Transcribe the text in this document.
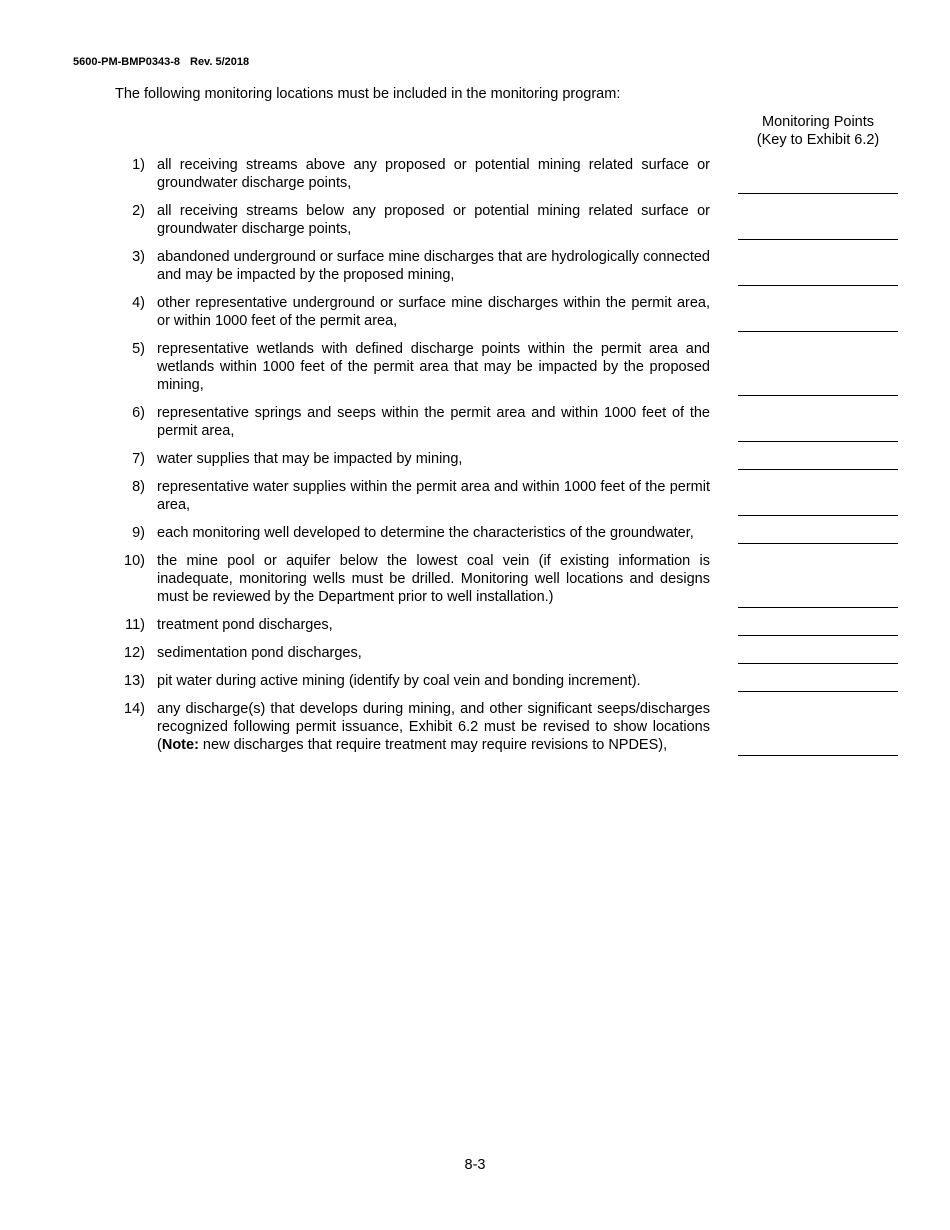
5600-PM-BMP0343-8 Rev. 5/2018
The following monitoring locations must be included in the monitoring program:
Monitoring Points
(Key to Exhibit 6.2)
1) all receiving streams above any proposed or potential mining related surface or groundwater discharge points,
2) all receiving streams below any proposed or potential mining related surface or groundwater discharge points,
3) abandoned underground or surface mine discharges that are hydrologically connected and may be impacted by the proposed mining,
4) other representative underground or surface mine discharges within the permit area, or within 1000 feet of the permit area,
5) representative wetlands with defined discharge points within the permit area and wetlands within 1000 feet of the permit area that may be impacted by the proposed mining,
6) representative springs and seeps within the permit area and within 1000 feet of the permit area,
7) water supplies that may be impacted by mining,
8) representative water supplies within the permit area and within 1000 feet of the permit area,
9) each monitoring well developed to determine the characteristics of the groundwater,
10) the mine pool or aquifer below the lowest coal vein (if existing information is inadequate, monitoring wells must be drilled. Monitoring well locations and designs must be reviewed by the Department prior to well installation.)
11) treatment pond discharges,
12) sedimentation pond discharges,
13) pit water during active mining (identify by coal vein and bonding increment).
14) any discharge(s) that develops during mining, and other significant seeps/discharges recognized following permit issuance, Exhibit 6.2 must be revised to show locations (Note: new discharges that require treatment may require revisions to NPDES),
8-3
